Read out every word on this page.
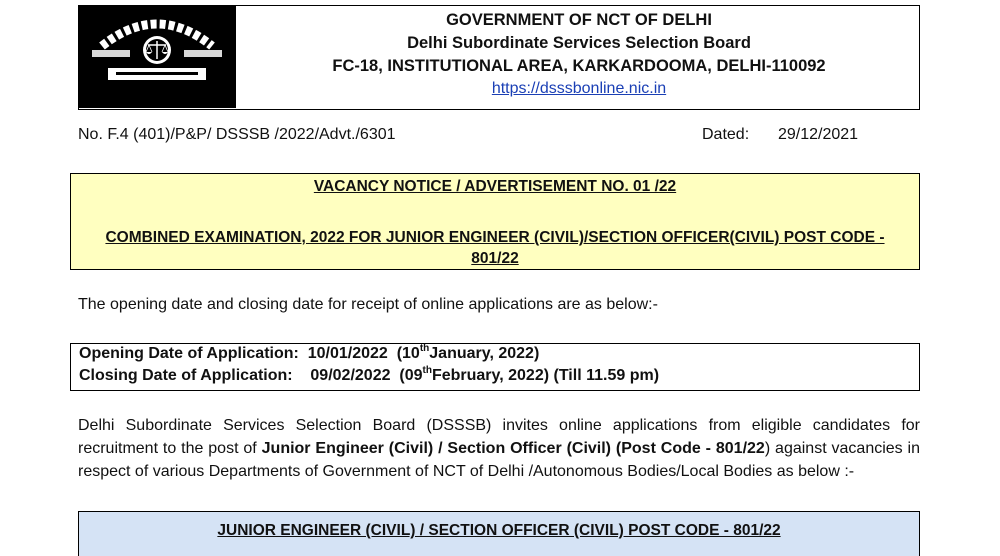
GOVERNMENT OF NCT OF DELHI
Delhi Subordinate Services Selection Board
FC-18, INSTITUTIONAL AREA, KARKARDOOMA, DELHI-110092
https://dsssbonline.nic.in
No. F.4 (401)/P&P/ DSSSB /2022/Advt./6301	Dated: 29/12/2021
VACANCY NOTICE / ADVERTISEMENT NO. 01 /22
COMBINED EXAMINATION, 2022 FOR JUNIOR ENGINEER (CIVIL)/SECTION OFFICER(CIVIL) POST CODE - 801/22
The opening date and closing date for receipt of online applications are as below:-
Opening Date of Application: 10/01/2022 (10thJanuary, 2022)
Closing Date of Application: 09/02/2022 (09thFebruary, 2022) (Till 11.59 pm)
Delhi Subordinate Services Selection Board (DSSSB) invites online applications from eligible candidates for recruitment to the post of Junior Engineer (Civil) / Section Officer (Civil) (Post Code - 801/22) against vacancies in respect of various Departments of Government of NCT of Delhi /Autonomous Bodies/Local Bodies as below :-
JUNIOR ENGINEER (CIVIL) / SECTION OFFICER (CIVIL) POST CODE - 801/22
